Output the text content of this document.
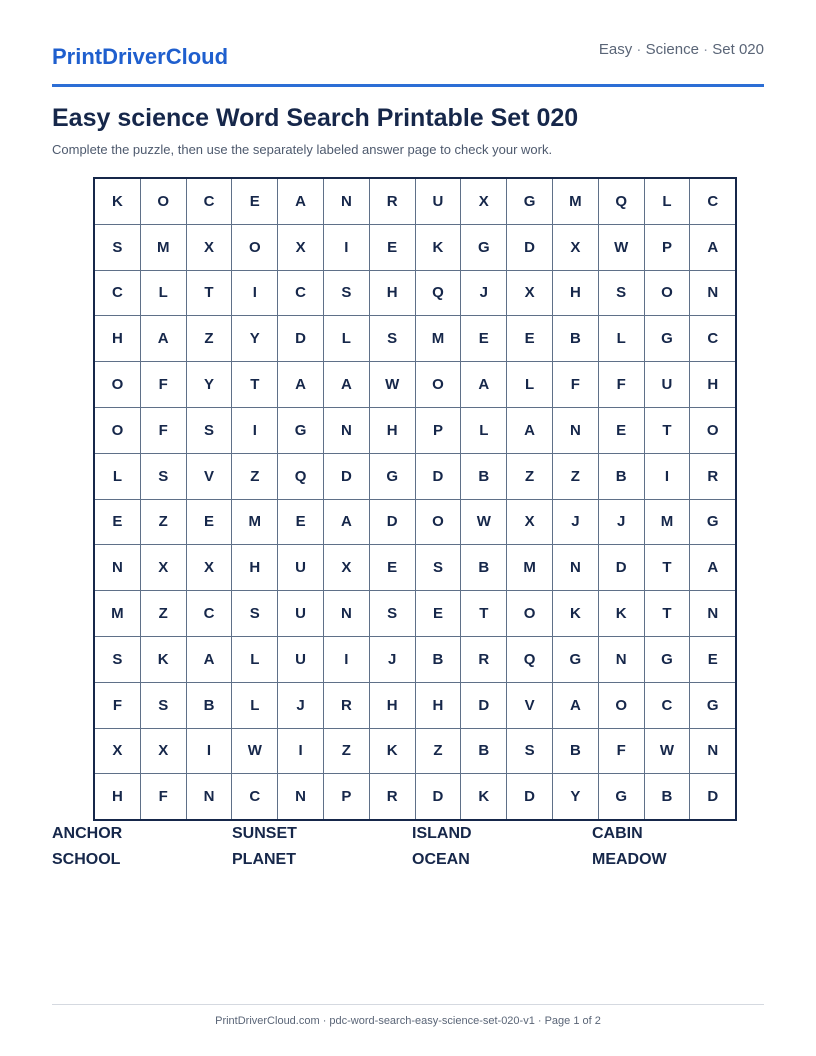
PrintDriverCloud	Easy · Science · Set 020
Easy science Word Search Printable Set 020

Complete the puzzle, then use the separately labeled answer page to check your work.

K	O	C	E	A	N	R	U	X	G	M	Q	L	C
S	M	X	O	X	I	E	K	G	D	X	W	P	A
C	L	T	I	C	S	H	Q	J	X	H	S	O	N
H	A	Z	Y	D	L	S	M	E	E	B	L	G	C
O	F	Y	T	A	A	W	O	A	L	F	F	U	H
O	F	S	I	G	N	H	P	L	A	N	E	T	O
L	S	V	Z	Q	D	G	D	B	Z	Z	B	I	R
E	Z	E	M	E	A	D	O	W	X	J	J	M	G
N	X	X	H	U	X	E	S	B	M	N	D	T	A
M	Z	C	S	U	N	S	E	T	O	K	K	T	N
S	K	A	L	U	I	J	B	R	Q	G	N	G	E
F	S	B	L	J	R	H	H	D	V	A	O	C	G
X	X	I	W	I	Z	K	Z	B	S	B	F	W	N
H	F	N	C	N	P	R	D	K	D	Y	G	B	D
ANCHOR	SUNSET	ISLAND	CABIN
SCHOOL	PLANET	OCEAN	MEADOW
PrintDriverCloud.com · pdc-word-search-easy-science-set-020-v1 · Page 1 of 2
